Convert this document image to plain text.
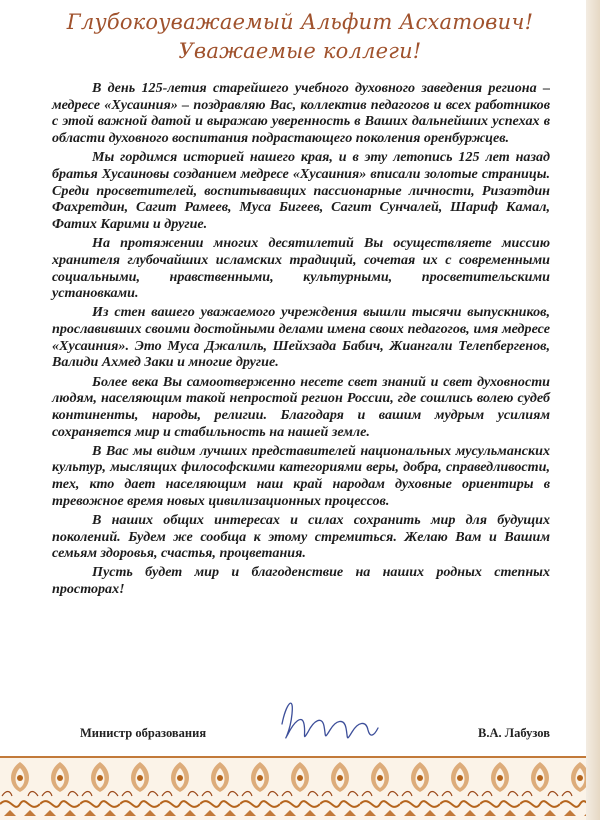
Глубокоуважаемый Альфит Асхатович!
Уважаемые коллеги!

В день 125-летия старейшего учебного духовного заведения региона – медресе «Хусаиния» – поздравляю Вас, коллектив педагогов и всех работников с этой важной датой и выражаю уверенность в Ваших дальнейших успехах в области духовного воспитания подрастающего поколения оренбуржцев.

Мы гордимся историей нашего края, и в эту летопись 125 лет назад братья Хусаиновы созданием медресе «Хусаиния» вписали золотые страницы. Среди просветителей, воспитывавщих пассионарные личности, Ризаэтдин Фахретдин, Сагит Рамеев, Муса Бигеев, Сагит Сунчалей, Шариф Камал, Фатих Карими и другие.

На протяжении многих десятилетий Вы осуществляете миссию хранителя глубочайших исламских традиций, сочетая их с современными социальными, нравственными, культурными, просветительскими установками.

Из стен вашего уважаемого учреждения вышли тысячи выпускников, прославивших своими достойными делами имена своих педагогов, имя медресе «Хусаиния». Это Муса Джалиль, Шейхзада Бабич, Жиангали Телепбергенов, Валиди Ахмед Заки и многие другие.

Более века Вы самоотверженно несете свет знаний и свет духовности людям, населяющим такой непростой регион России, где сошлись волею судеб континенты, народы, религии. Благодаря и вашим мудрым усилиям сохраняется мир и стабильность на нашей земле.

В Вас мы видим лучших представителей национальных мусульманских культур, мыслящих философскими категориями веры, добра, справедливости, тех, кто дает населяющим наш край народам духовные ориентиры в тревожное время новых цивилизационных процессов.

В наших общих интересах и силах сохранить мир для будущих поколений. Будем же сообща к этому стремиться. Желаю Вам и Вашим семьям здоровья, счастья, процветания.

Пусть будет мир и благоденствие на наших родных степных просторах!

Министр образования	В.А. Лабузов
